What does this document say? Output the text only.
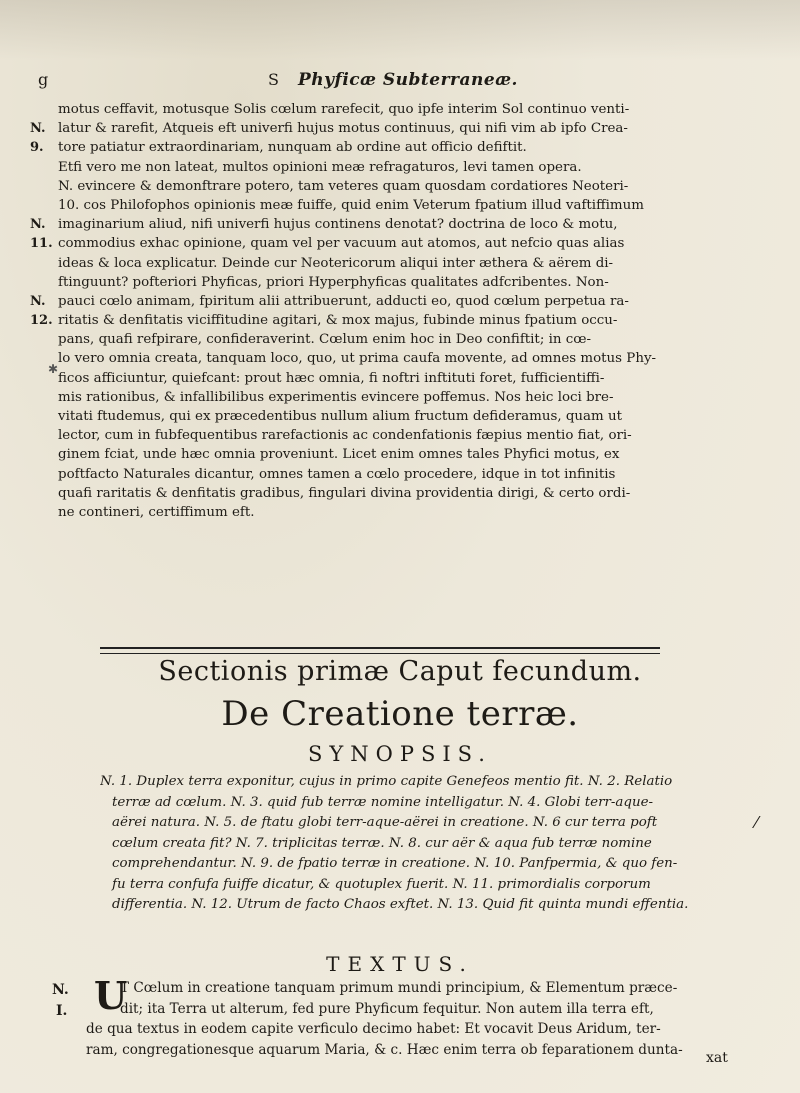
g	S	Phyficæ Subterraneæ.
✱
motus ceffavit, motusque Solis cœlum rarefecit, quo ipfe interim Sol continuo venti-
N. latur & rarefit, Atqueis eft univerfi hujus motus continuus, qui nifi vim ab ipfo Crea-
9.	tore patiatur extraordinariam, nunquam ab ordine aut officio defiftit.
Etfi vero me non lateat, multos opinioni meæ refragaturos, levi tamen opera.
N. evincere & demonftrare potero, tam veteres quam quosdam cordatiores Neoteri-
10. cos Philofophos opinionis meæ fuiffe, quid enim Veterum fpatium illud vaftiffimum
N. imaginarium aliud, nifi univerfi hujus continens denotat? doctrina de loco & motu,
11. commodius exhac opinione, quam vel per vacuum aut atomos, aut nefcio quas alias
ideas & loca explicatur. Deinde cur Neotericorum aliqui inter æthera & aërem di-
ftinguunt? pofteriori Phyficas, priori Hyperphyficas qualitates adfcribentes. Non-
N. pauci cœlo animam, fpiritum alii attribuerunt, adducti eo, quod cœlum perpetua ra-
12. ritatis & denfitatis viciffitudine agitari, & mox majus, fubinde minus fpatium occu-
pans, quafi refpirare, confideraverint. Cœlum enim hoc in Deo confiftit; in cœ-
lo vero omnia creata, tanquam loco, quo, ut prima caufa movente, ad omnes motus Phy-
ficos afficiuntur, quiefcant: prout hæc omnia, fi noftri inftituti foret, fufficientiffi-
mis rationibus, & infallibilibus experimentis evincere poffemus. Nos heic loci bre-
vitati ftudemus, qui ex præcedentibus nullum alium fructum defideramus, quam ut
lector, cum in fubfequentibus rarefactionis ac condenfationis fæpius mentio fiat, ori-
ginem fciat, unde hæc omnia proveniunt. Licet enim omnes tales Phyfici motus, ex
poftfacto Naturales dicantur, omnes tamen a cœlo procedere, idque in tot infinitis
quafi raritatis & denfitatis gradibus, fingulari divina providentia dirigi, & certo ordi-
ne contineri, certiffimum eft.
Sectionis primæ Caput fecundum.
De Creatione terræ.
SYNOPSIS.
N. 1. Duplex terra exponitur, cujus in primo capite Genefeos mentio fit. N. 2. Relatio
terræ ad cœlum. N. 3. quid fub terræ nomine intelligatur. N. 4. Globi terr-aque-
aërei natura. N. 5. de ftatu globi terr-aque-aërei in creatione. N. 6 cur terra poft
cœlum creata fit? N. 7. triplicitas terræ. N. 8. cur aër & aqua fub terræ nomine
comprehendantur. N. 9. de fpatio terræ in creatione. N. 10. Panfpermia, & quo fen-
fu terra confufa fuiffe dicatur, & quotuplex fuerit. N. 11. primordialis corporum
differentia. N. 12. Utrum de facto Chaos exftet. N. 13. Quid fit quinta mundi effentia.
⁄
TEXTUS.
N.
I. U
T Cœlum in creatione tanquam primum mundi principium, & Elementum præce-
dit; ita Terra ut alterum, fed pure Phyficum fequitur. Non autem illa terra eft,
de qua textus in eodem capite verficulo decimo habet: Et vocavit Deus Aridum, ter-
ram, congregationesque aquarum Maria, & c. Hæc enim terra ob feparationem dunta-
xat
